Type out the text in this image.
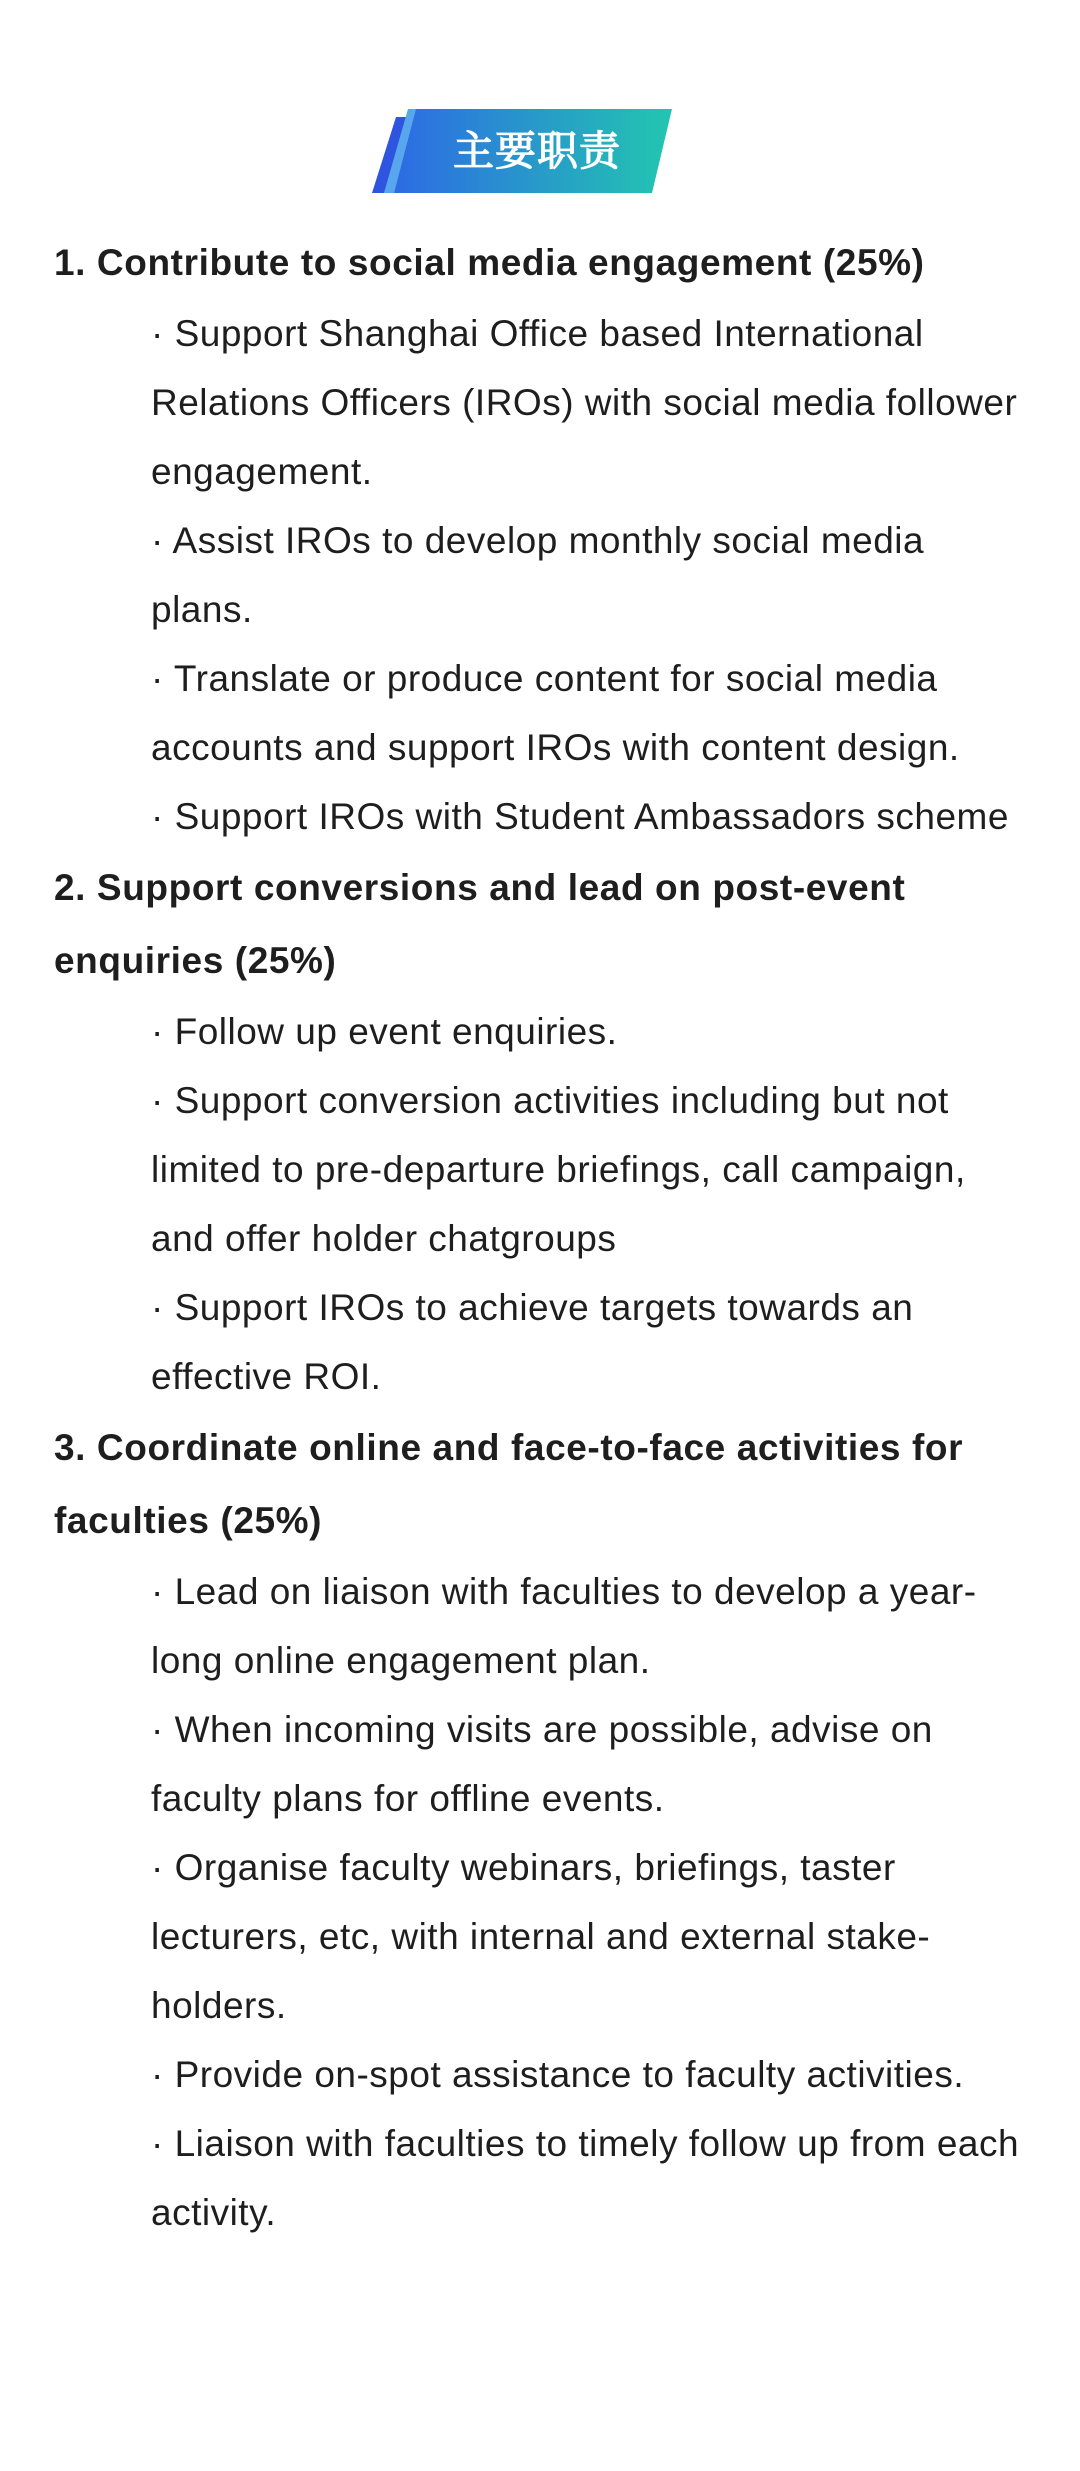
主要职责

1. Contribute to social media engagement (25%)

· Support Shanghai Office based International Relations Officers (IROs) with social media follower engagement.
· Assist IROs to develop monthly social media plans.
· Translate or produce content for social media accounts and support IROs with content design.
· Support IROs with Student Ambassadors scheme

2. Support conversions and lead on post-event enquiries (25%)

· Follow up event enquiries.
· Support conversion activities including but not limited to pre-departure briefings, call campaign, and offer holder chatgroups
· Support IROs to achieve targets towards an effective ROI.

3. Coordinate online and face-to-face activities for faculties (25%)

· Lead on liaison with faculties to develop a year-long online engagement plan.
· When incoming visits are possible, advise on faculty plans for offline events.
· Organise faculty webinars, briefings, taster lecturers, etc, with internal and external stakeholders.
· Provide on-spot assistance to faculty activities.
· Liaison with faculties to timely follow up from each activity.
